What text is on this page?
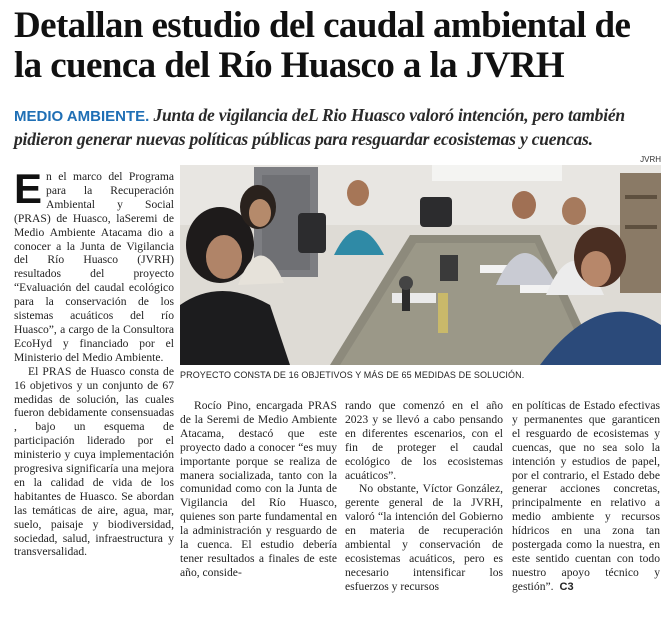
Detallan estudio del caudal ambiental de la cuenca del Río Huasco a la JVRH
MEDIO AMBIENTE. Junta de vigilancia deL Rio Huasco valoró intención, pero también pidieron generar nuevas políticas públicas para resguardar ecosistemas y cuencas.
E n el marco del Programa para la Recuperación Ambiental y Social (PRAS) de Huasco, laSeremi de Medio Ambiente Atacama dio a conocer a la Junta de Vigilancia del Río Huasco (JVRH) resultados del proyecto “Evaluación del caudal ecológico para la conservación de los sistemas acuáticos del río Huasco”, a cargo de la Consultora EcoHyd y financiado por el Ministerio del Medio Ambiente.

El PRAS de Huasco consta de 16 objetivos y un conjunto de 67 medidas de solución, las cuales fueron debidamente consensuadas , bajo un esquema de participación liderado por el ministerio y cuya implementación progresiva significaría una mejora en la calidad de vida de los habitantes de Huasco. Se abordan las temáticas de aire, agua, mar, suelo, paisaje y biodiversidad, sociedad, salud, infraestructura y transversalidad.

JVRH
PROYECTO CONSTA DE 16 OBJETIVOS Y MÁS DE 65 MEDIDAS DE SOLUCIÓN.

Rocío Pino, encargada PRAS de la Seremi de Medio Ambiente Atacama, destacó que este proyecto dado a conocer “es muy importante porque se realiza de manera socializada, tanto con la comunidad como con la Junta de Vigilancia del Río Huasco, quienes son parte fundamental en la administración y resguardo de la cuenca. El estudio debería tener resultados a finales de este año, conside-

rando que comenzó en el año 2023 y se llevó a cabo pensando en diferentes escenarios, con el fin de proteger el caudal ecológico de los ecosistemas acuáticos”.

No obstante, Víctor González, gerente general de la JVRH, valoró “la intención del Gobierno en materia de recuperación ambiental y conservación de ecosistemas acuáticos, pero es necesario intensificar los esfuerzos y recursos

en políticas de Estado efectivas y permanentes que garanticen el resguardo de ecosistemas y cuencas, que no sea solo la intención y estudios de papel, por el contrario, el Estado debe generar acciones concretas, principalmente en relativo a medio ambiente y recursos hídricos en una zona tan postergada como la nuestra, en este sentido cuentan con todo nuestro apoyo técnico y gestión”. C3
